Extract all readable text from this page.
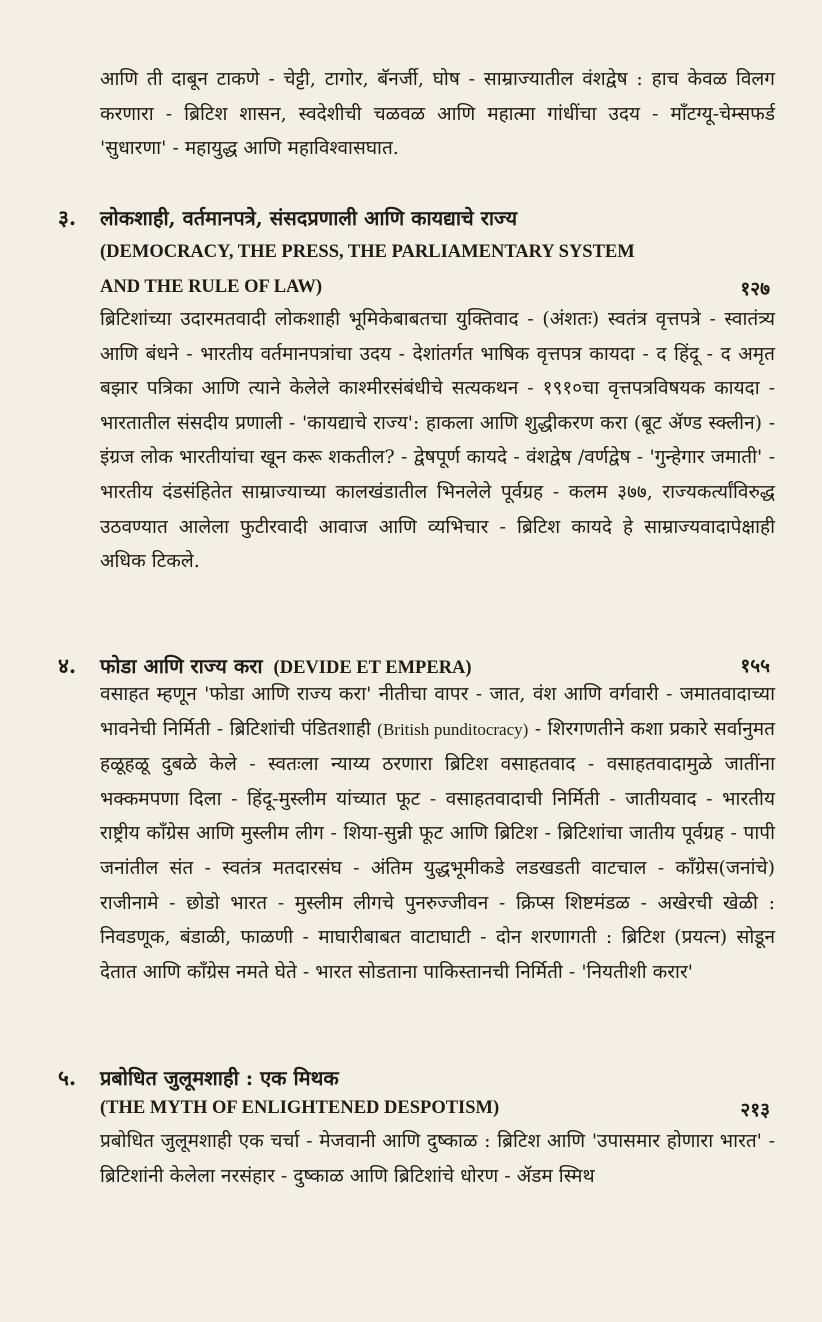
आणि ती दाबून टाकणे - चेट्टी, टागोर, बॅनर्जी, घोष - साम्राज्यातील वंशद्वेष : हाच केवळ विलग करणारा - ब्रिटिश शासन, स्वदेशीची चळवळ आणि महात्मा गांधींचा उदय - मॉंटग्यू-चेम्सफर्ड 'सुधारणा' - महायुद्ध आणि महाविश्वासघात.

३. लोकशाही, वर्तमानपत्रे, संसदप्रणाली आणि कायद्याचे राज्य
(DEMOCRACY, THE PRESS, THE PARLIAMENTARY SYSTEM
AND THE RULE OF LAW)	१२७

ब्रिटिशांच्या उदारमतवादी लोकशाही भूमिकेबाबतचा युक्तिवाद - (अंशतः) स्वतंत्र वृत्तपत्रे - स्वातंत्र्य आणि बंधने - भारतीय वर्तमानपत्रांचा उदय - देशांतर्गत भाषिक वृत्तपत्र कायदा - द हिंदू - द अमृत बझार पत्रिका आणि त्याने केलेले काश्मीरसंबंधीचे सत्यकथन - १९१०चा वृत्तपत्रविषयक कायदा - भारतातील संसदीय प्रणाली - 'कायद्याचे राज्य': हाकला आणि शुद्धीकरण करा (बूट ॲण्ड स्क्लीन) - इंग्रज लोक भारतीयांचा खून करू शकतील? - द्वेषपूर्ण कायदे - वंशद्वेष /वर्णद्वेष - 'गुन्हेगार जमाती' - भारतीय दंडसंहितेत साम्राज्याच्या कालखंडातील भिनलेले पूर्वग्रह - कलम ३७७, राज्यकर्त्यांविरुद्ध उठवण्यात आलेला फुटीरवादी आवाज आणि व्यभिचार - ब्रिटिश कायदे हे साम्राज्यवादापेक्षाही अधिक टिकले.

४. फोडा आणि राज्य करा (DEVIDE ET EMPERA)	१५५

वसाहत म्हणून 'फोडा आणि राज्य करा' नीतीचा वापर - जात, वंश आणि वर्गवारी - जमातवादाच्या भावनेची निर्मिती - ब्रिटिशांची पंडितशाही (British punditocracy) - शिरगणतीने कशा प्रकारे सर्वानुमत हळूहळू दुबळे केले - स्वतःला न्याय्य ठरणारा ब्रिटिश वसाहतवाद - वसाहतवादामुळे जातींना भक्कमपणा दिला - हिंदू-मुस्लीम यांच्यात फूट - वसाहतवादाची निर्मिती - जातीयवाद - भारतीय राष्ट्रीय काँग्रेस आणि मुस्लीम लीग - शिया-सुन्नी फूट आणि ब्रिटिश - ब्रिटिशांचा जातीय पूर्वग्रह - पापी जनांतील संत - स्वतंत्र मतदारसंघ - अंतिम युद्धभूमीकडे लडखडती वाटचाल - काँग्रेस(जनांचे) राजीनामे - छोडो भारत - मुस्लीम लीगचे पुनरुज्जीवन - क्रिप्स शिष्टमंडळ - अखेरची खेळी : निवडणूक, बंडाळी, फाळणी - माघारीबाबत वाटाघाटी - दोन शरणागती : ब्रिटिश (प्रयत्न) सोडून देतात आणि काँग्रेस नमते घेते - भारत सोडताना पाकिस्तानची निर्मिती - 'नियतीशी करार'

५. प्रबोधित जुलूमशाही : एक मिथक
(THE MYTH OF ENLIGHTENED DESPOTISM)	२१३

प्रबोधित जुलूमशाही एक चर्चा - मेजवानी आणि दुष्काळ : ब्रिटिश आणि 'उपासमार होणारा भारत' - ब्रिटिशांनी केलेला नरसंहार - दुष्काळ आणि ब्रिटिशांचे धोरण - ॲडम स्मिथ
